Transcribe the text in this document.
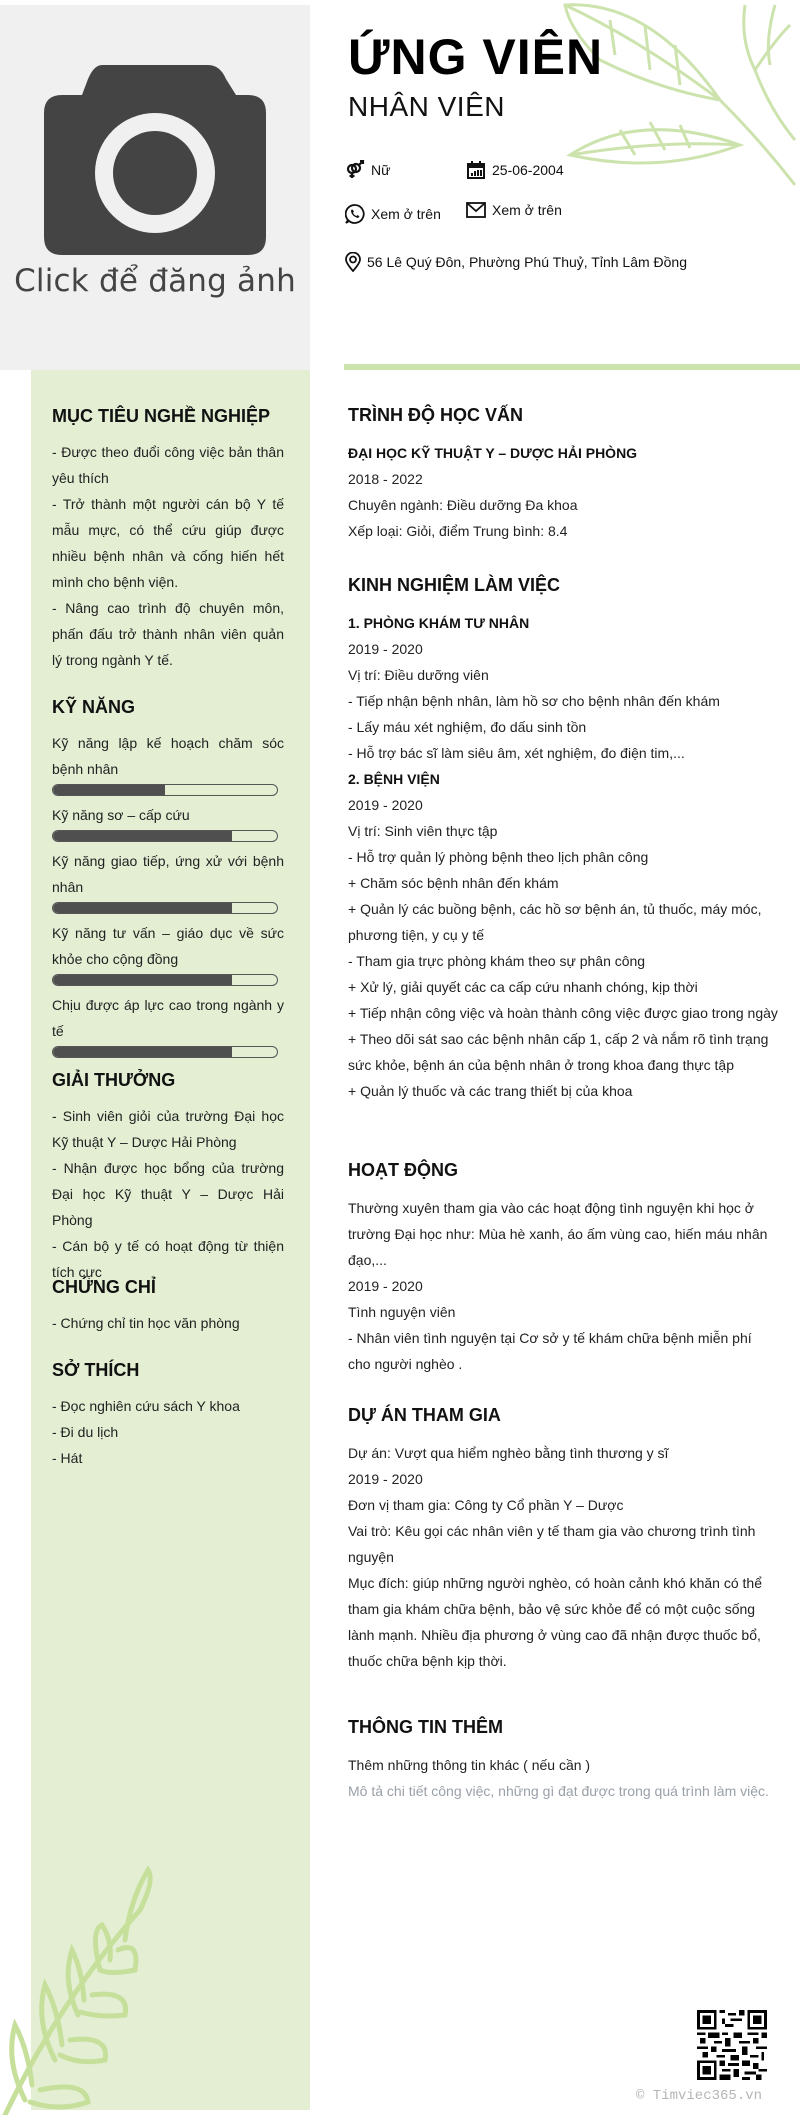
Click để đăng ảnh
ỨNG VIÊN
NHÂN VIÊN
Nữ	25-06-2004
Xem ở trên	Xem ở trên
56 Lê Quý Đôn, Phường Phú Thuỷ, Tỉnh Lâm Đồng
MỤC TIÊU NGHỀ NGHIỆP
- Được theo đuổi công việc bản thân yêu thích
- Trở thành một người cán bộ Y tế mẫu mực, có thể cứu giúp được nhiều bệnh nhân và cống hiến hết mình cho bệnh viện.
- Nâng cao trình độ chuyên môn, phấn đấu trở thành nhân viên quản lý trong ngành Y tế.
KỸ NĂNG
Kỹ năng lập kế hoạch chăm sóc bệnh nhân
Kỹ năng sơ – cấp cứu
Kỹ năng giao tiếp, ứng xử với bệnh nhân
Kỹ năng tư vấn – giáo dục về sức khỏe cho cộng đồng
Chịu được áp lực cao trong ngành y tế
GIẢI THƯỞNG
- Sinh viên giỏi của trường Đại học Kỹ thuật Y – Dược Hải Phòng
- Nhận được học bổng của trường Đại học Kỹ thuật Y – Dược Hải Phòng
- Cán bộ y tế có hoạt động từ thiện tích cực
CHỨNG CHỈ
- Chứng chỉ tin học văn phòng
SỞ THÍCH
- Đọc nghiên cứu sách Y khoa
- Đi du lịch
- Hát
TRÌNH ĐỘ HỌC VẤN
ĐẠI HỌC KỸ THUẬT Y – DƯỢC HẢI PHÒNG
2018 - 2022
Chuyên ngành: Điều dưỡng Đa khoa
Xếp loại: Giỏi, điểm Trung bình: 8.4
KINH NGHIỆM LÀM VIỆC
1. PHÒNG KHÁM TƯ NHÂN
2019 - 2020
Vị trí: Điều dưỡng viên
- Tiếp nhận bệnh nhân, làm hồ sơ cho bệnh nhân đến khám
- Lấy máu xét nghiệm, đo dấu sinh tồn
- Hỗ trợ bác sĩ làm siêu âm, xét nghiệm, đo điện tim,...
2. BỆNH VIỆN
2019 - 2020
Vị trí: Sinh viên thực tập
- Hỗ trợ quản lý phòng bệnh theo lịch phân công
+ Chăm sóc bệnh nhân đến khám
+ Quản lý các buồng bệnh, các hồ sơ bệnh án, tủ thuốc, máy móc, phương tiện, y cụ y tế
- Tham gia trực phòng khám theo sự phân công
+ Xử lý, giải quyết các ca cấp cứu nhanh chóng, kịp thời
+ Tiếp nhận công việc và hoàn thành công việc được giao trong ngày
+ Theo dõi sát sao các bệnh nhân cấp 1, cấp 2 và nắm rõ tình trạng sức khỏe, bệnh án của bệnh nhân ở trong khoa đang thực tập
+ Quản lý thuốc và các trang thiết bị của khoa
HOẠT ĐỘNG
Thường xuyên tham gia vào các hoạt động tình nguyện khi học ở trường Đại học như: Mùa hè xanh, áo ấm vùng cao, hiến máu nhân đạo,...
2019 - 2020
Tình nguyện viên
- Nhân viên tình nguyện tại Cơ sở y tế khám chữa bệnh miễn phí cho người nghèo .
DỰ ÁN THAM GIA
Dự án: Vượt qua hiểm nghèo bằng tình thương y sĩ
2019 - 2020
Đơn vị tham gia: Công ty Cổ phần Y – Dược
Vai trò: Kêu gọi các nhân viên y tế tham gia vào chương trình tình nguyện
Mục đích: giúp những người nghèo, có hoàn cảnh khó khăn có thể tham gia khám chữa bệnh, bảo vệ sức khỏe để có một cuộc sống lành mạnh. Nhiều địa phương ở vùng cao đã nhận được thuốc bổ, thuốc chữa bệnh kịp thời.
THÔNG TIN THÊM
Thêm những thông tin khác ( nếu cần )
Mô tả chi tiết công việc, những gì đạt được trong quá trình làm việc.
© Timviec365.vn
